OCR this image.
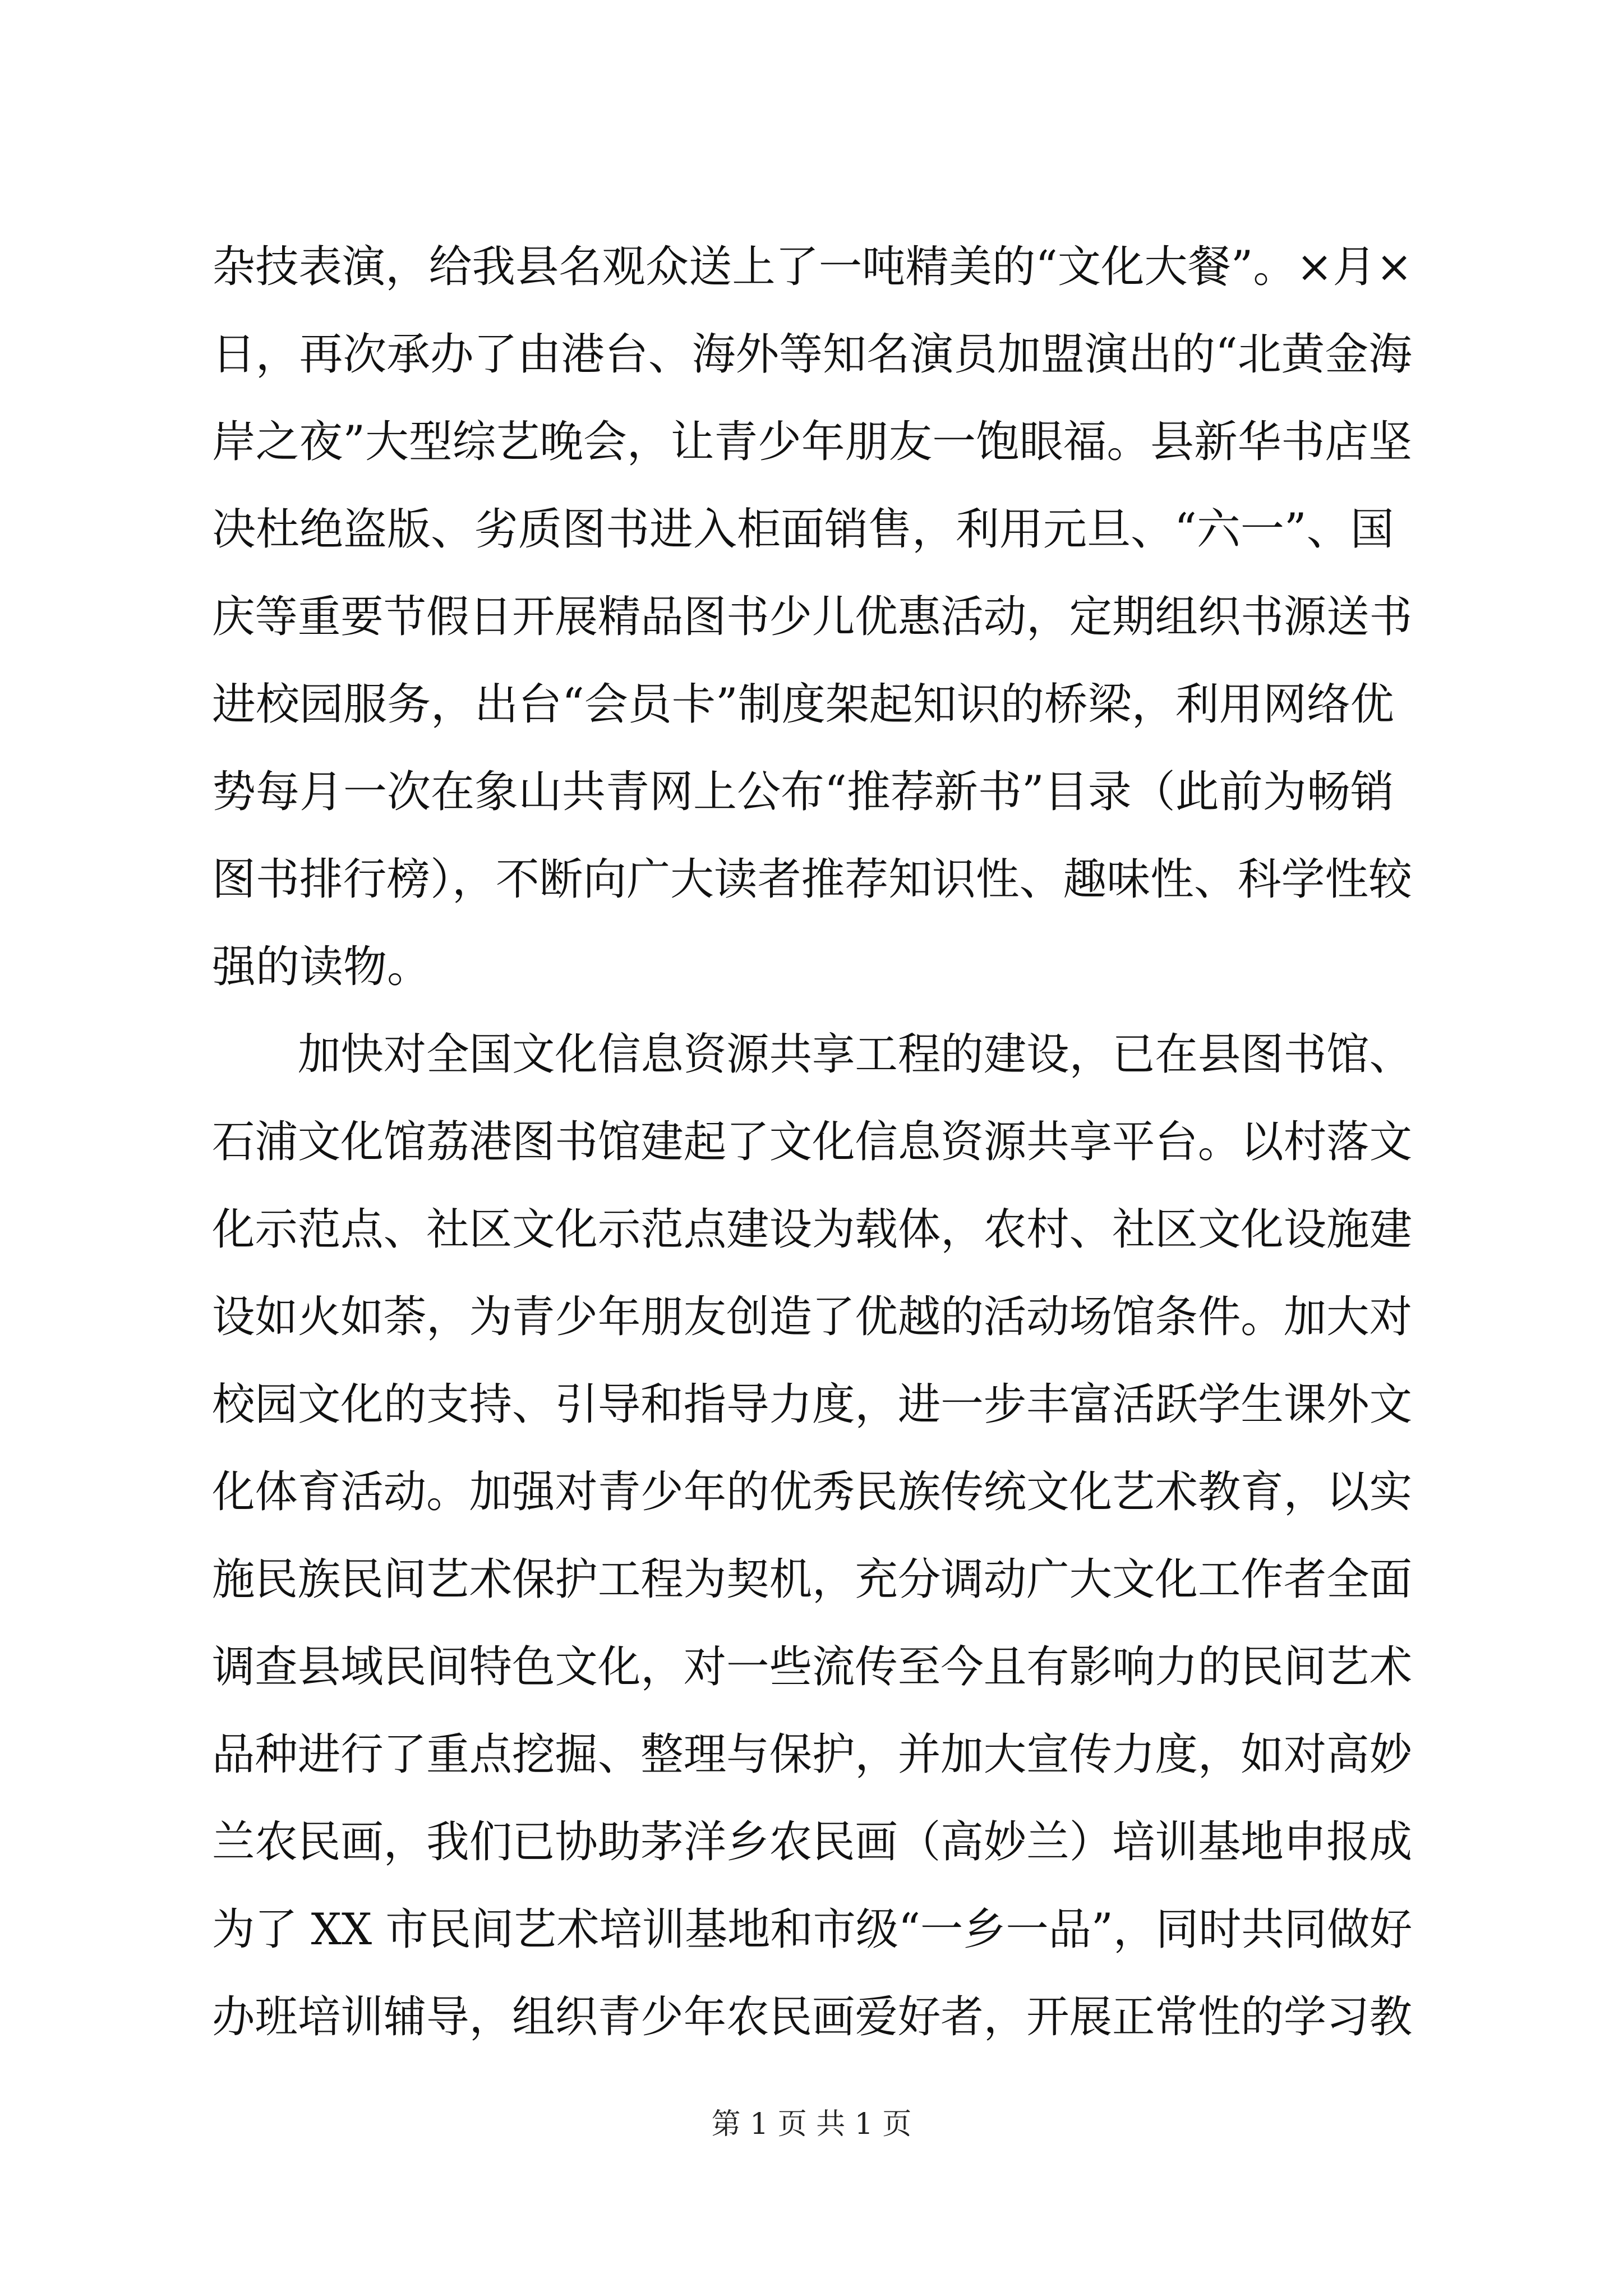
杂技表演，给我县名观众送上了一吨精美的“文化大餐”。×月×
日，再次承办了由港台、海外等知名演员加盟演出的“北黄金海
岸之夜”大型综艺晚会，让青少年朋友一饱眼福。县新华书店坚
决杜绝盗版、劣质图书进入柜面销售，利用元旦、“六一”、国
庆等重要节假日开展精品图书少儿优惠活动，定期组织书源送书
进校园服务，出台“会员卡”制度架起知识的桥梁，利用网络优
势每月一次在象山共青网上公布“推荐新书”目录（此前为畅销
图书排行榜），不断向广大读者推荐知识性、趣味性、科学性较
强的读物。
　　加快对全国文化信息资源共享工程的建设，已在县图书馆、
石浦文化馆荔港图书馆建起了文化信息资源共享平台。以村落文
化示范点、社区文化示范点建设为载体，农村、社区文化设施建
设如火如荼，为青少年朋友创造了优越的活动场馆条件。加大对
校园文化的支持、引导和指导力度，进一步丰富活跃学生课外文
化体育活动。加强对青少年的优秀民族传统文化艺术教育，以实
施民族民间艺术保护工程为契机，充分调动广大文化工作者全面
调查县域民间特色文化，对一些流传至今且有影响力的民间艺术
品种进行了重点挖掘、整理与保护，并加大宣传力度，如对高妙
兰农民画，我们已协助茅洋乡农民画（高妙兰）培训基地申报成
为了 XX 市民间艺术培训基地和市级“一乡一品”，同时共同做好
办班培训辅导，组织青少年农民画爱好者，开展正常性的学习教
第 1 页 共 1 页
